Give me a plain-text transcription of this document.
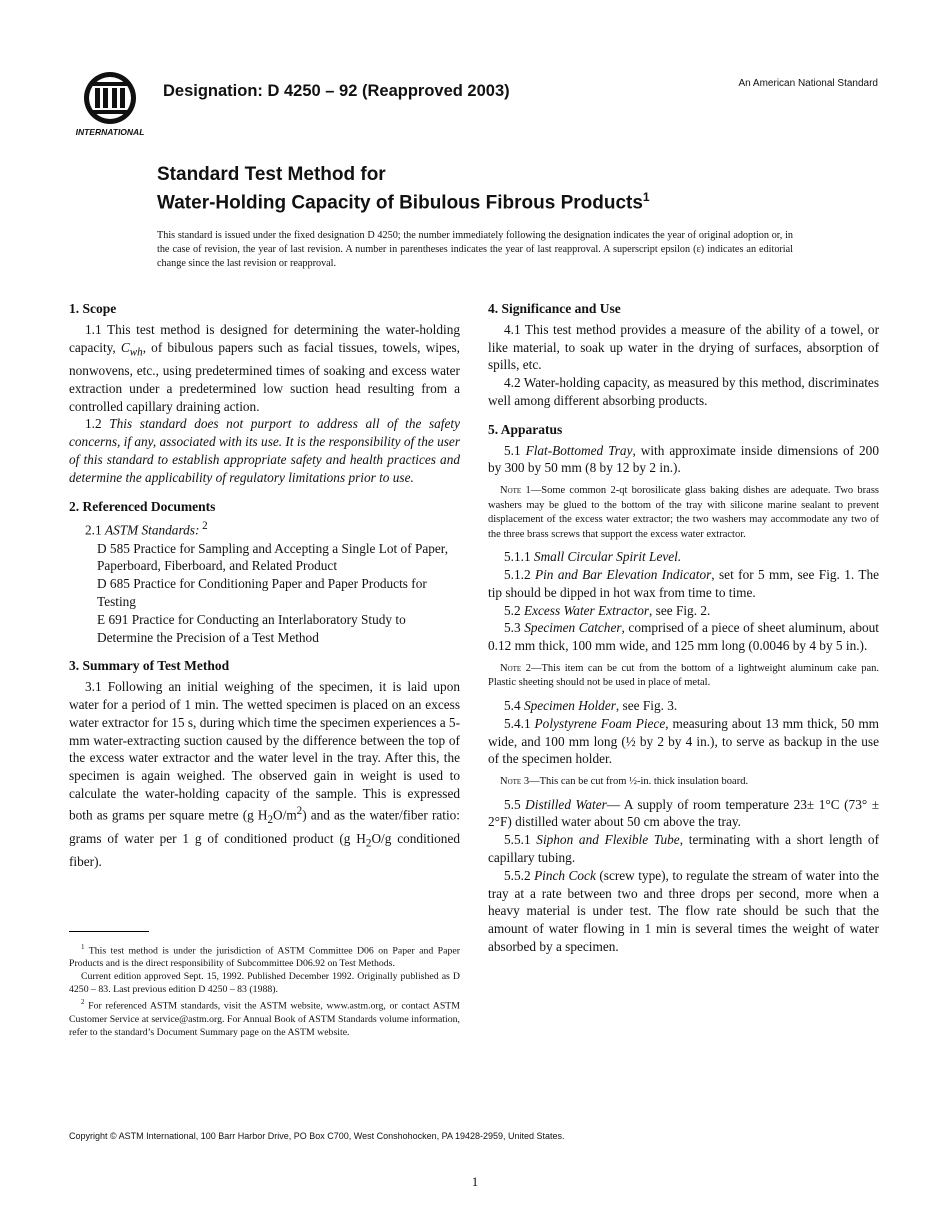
INTERNATIONAL
Designation: D 4250 – 92 (Reapproved 2003)	An American National Standard
Standard Test Method for
Water-Holding Capacity of Bibulous Fibrous Products$^1$
This standard is issued under the fixed designation D 4250; the number immediately following the designation indicates the year of original adoption or, in the case of revision, the year of last revision. A number in parentheses indicates the year of last reapproval. A superscript epsilon (ε) indicates an editorial change since the last revision or reapproval.
1. Scope

1.1 This test method is designed for determining the water-holding capacity, $C_{wh}$, of bibulous papers such as facial tissues, towels, wipes, nonwovens, etc., using predetermined times of soaking and excess water extraction under a predetermined low suction head resulting from a controlled capillary draining action.

1.2 This standard does not purport to address all of the safety concerns, if any, associated with its use. It is the responsibility of the user of this standard to establish appropriate safety and health practices and determine the applicability of regulatory limitations prior to use.

2. Referenced Documents

2.1 ASTM Standards: $^2$

D 585 Practice for Sampling and Accepting a Single Lot of Paper, Paperboard, Fiberboard, and Related Product

D 685 Practice for Conditioning Paper and Paper Products for Testing

E 691 Practice for Conducting an Interlaboratory Study to Determine the Precision of a Test Method

3. Summary of Test Method

3.1 Following an initial weighing of the specimen, it is laid upon water for a period of 1 min. The wetted specimen is placed on an excess water extractor for 15 s, during which time the specimen experiences a 5-mm water-extracting suction caused by the difference between the top of the excess water extractor and the water level in the tray. After this, the specimen is again weighed. The observed gain in weight is used to calculate the water-holding capacity of the sample. This is expressed both as grams per square metre (g $H_2O/m^2$) and as the water/fiber ratio: grams of water per 1 g of conditioned product (g $H_2O/g$ conditioned fiber).

$^1$ This test method is under the jurisdiction of ASTM Committee D06 on Paper and Paper Products and is the direct responsibility of Subcommittee D06.92 on Test Methods.

Current edition approved Sept. 15, 1992. Published December 1992. Originally published as D 4250 – 83. Last previous edition D 4250 – 83 (1988).

$^2$ For referenced ASTM standards, visit the ASTM website, www.astm.org, or contact ASTM Customer Service at service@astm.org. For Annual Book of ASTM Standards volume information, refer to the standard’s Document Summary page on the ASTM website.

4. Significance and Use

4.1 This test method provides a measure of the ability of a towel, or like material, to soak up water in the drying of surfaces, absorption of spills, etc.

4.2 Water-holding capacity, as measured by this method, discriminates well among different absorbing products.

5. Apparatus

5.1 Flat-Bottomed Tray, with approximate inside dimensions of 200 by 300 by 50 mm (8 by 12 by 2 in.).

Note 1—Some common 2-qt borosilicate glass baking dishes are adequate. Two brass washers may be glued to the bottom of the tray with silicone marine sealant to prevent displacement of the excess water extractor; the two washers may accommodate any two of the three brass screws that support the excess water extractor.

5.1.1 Small Circular Spirit Level.

5.1.2 Pin and Bar Elevation Indicator, set for 5 mm, see Fig. 1. The tip should be dipped in hot wax from time to time.

5.2 Excess Water Extractor, see Fig. 2.

5.3 Specimen Catcher, comprised of a piece of sheet aluminum, about 0.12 mm thick, 100 mm wide, and 125 mm long (0.0046 by 4 by 5 in.).

Note 2—This item can be cut from the bottom of a lightweight aluminum cake pan. Plastic sheeting should not be used in place of metal.

5.4 Specimen Holder, see Fig. 3.

5.4.1 Polystyrene Foam Piece, measuring about 13 mm thick, 50 mm wide, and 100 mm long (½ by 2 by 4 in.), to serve as backup in the use of the specimen holder.

Note 3—This can be cut from ½-in. thick insulation board.

5.5 Distilled Water— A supply of room temperature 23± 1°C (73° ± 2°F) distilled water about 50 cm above the tray.

5.5.1 Siphon and Flexible Tube, terminating with a short length of capillary tubing.

5.5.2 Pinch Cock (screw type), to regulate the stream of water into the tray at a rate between two and three drops per second, more when a heavy material is under test. The flow rate should be such that the amount of water flowing in 1 min is several times the weight of water absorbed by a specimen.

Copyright © ASTM International, 100 Barr Harbor Drive, PO Box C700, West Conshohocken, PA 19428-2959, United States.
1
